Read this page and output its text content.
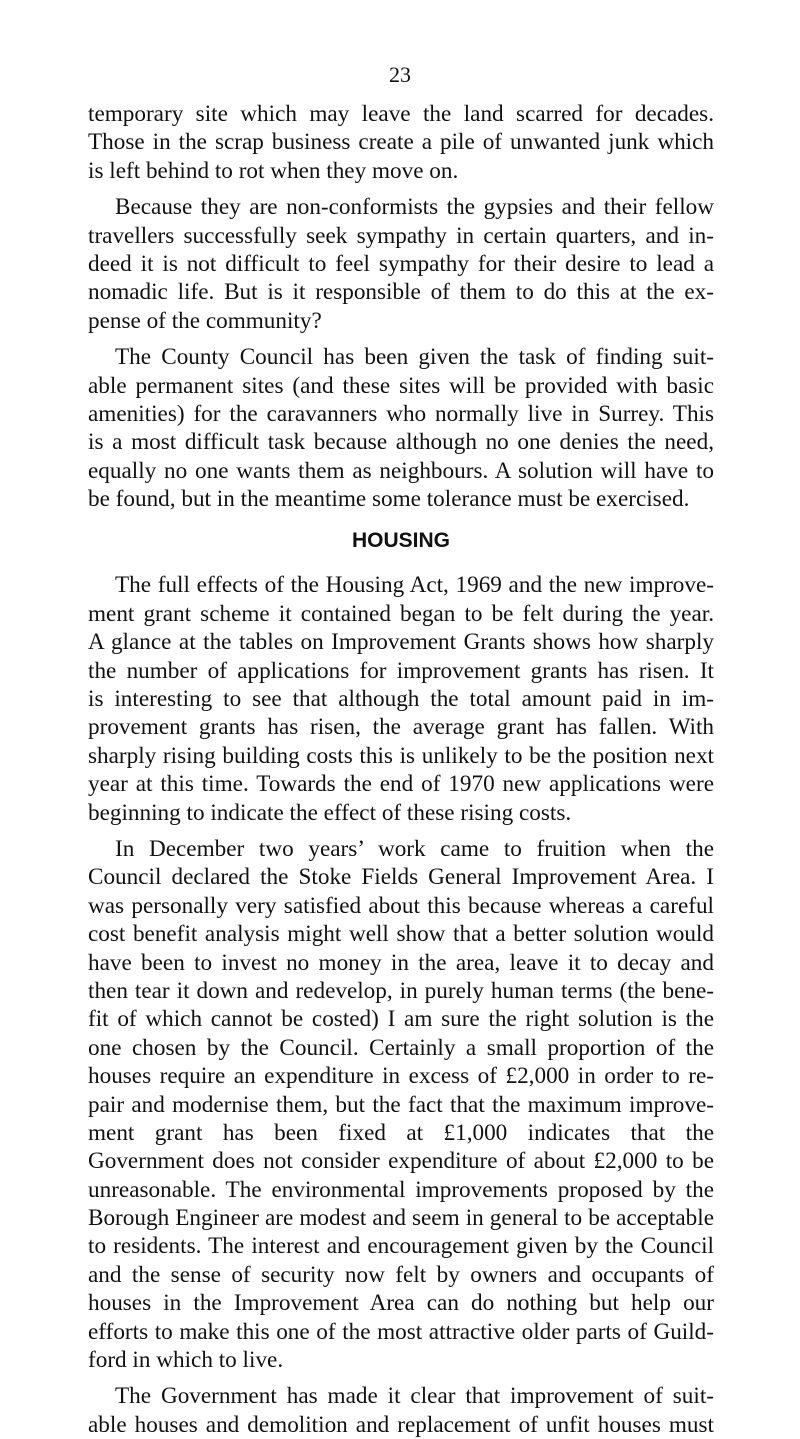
23
temporary site which may leave the land scarred for decades.
Those in the scrap business create a pile of unwanted junk which
is left behind to rot when they move on.
Because they are non-conformists the gypsies and their fellow
travellers successfully seek sympathy in certain quarters, and in-
deed it is not difficult to feel sympathy for their desire to lead a
nomadic life. But is it responsible of them to do this at the ex-
pense of the community?
The County Council has been given the task of finding suit-
able permanent sites (and these sites will be provided with basic
amenities) for the caravanners who normally live in Surrey. This
is a most difficult task because although no one denies the need,
equally no one wants them as neighbours. A solution will have to
be found, but in the meantime some tolerance must be exercised.
HOUSING
The full effects of the Housing Act, 1969 and the new improve-
ment grant scheme it contained began to be felt during the year.
A glance at the tables on Improvement Grants shows how sharply
the number of applications for improvement grants has risen. It
is interesting to see that although the total amount paid in im-
provement grants has risen, the average grant has fallen. With
sharply rising building costs this is unlikely to be the position next
year at this time. Towards the end of 1970 new applications were
beginning to indicate the effect of these rising costs.
In December two years’ work came to fruition when the
Council declared the Stoke Fields General Improvement Area. I
was personally very satisfied about this because whereas a careful
cost benefit analysis might well show that a better solution would
have been to invest no money in the area, leave it to decay and
then tear it down and redevelop, in purely human terms (the bene-
fit of which cannot be costed) I am sure the right solution is the
one chosen by the Council. Certainly a small proportion of the
houses require an expenditure in excess of £2,000 in order to re-
pair and modernise them, but the fact that the maximum improve-
ment grant has been fixed at £1,000 indicates that the
Government does not consider expenditure of about £2,000 to be
unreasonable. The environmental improvements proposed by the
Borough Engineer are modest and seem in general to be acceptable
to residents. The interest and encouragement given by the Council
and the sense of security now felt by owners and occupants of
houses in the Improvement Area can do nothing but help our
efforts to make this one of the most attractive older parts of Guild-
ford in which to live.
The Government has made it clear that improvement of suit-
able houses and demolition and replacement of unfit houses must
